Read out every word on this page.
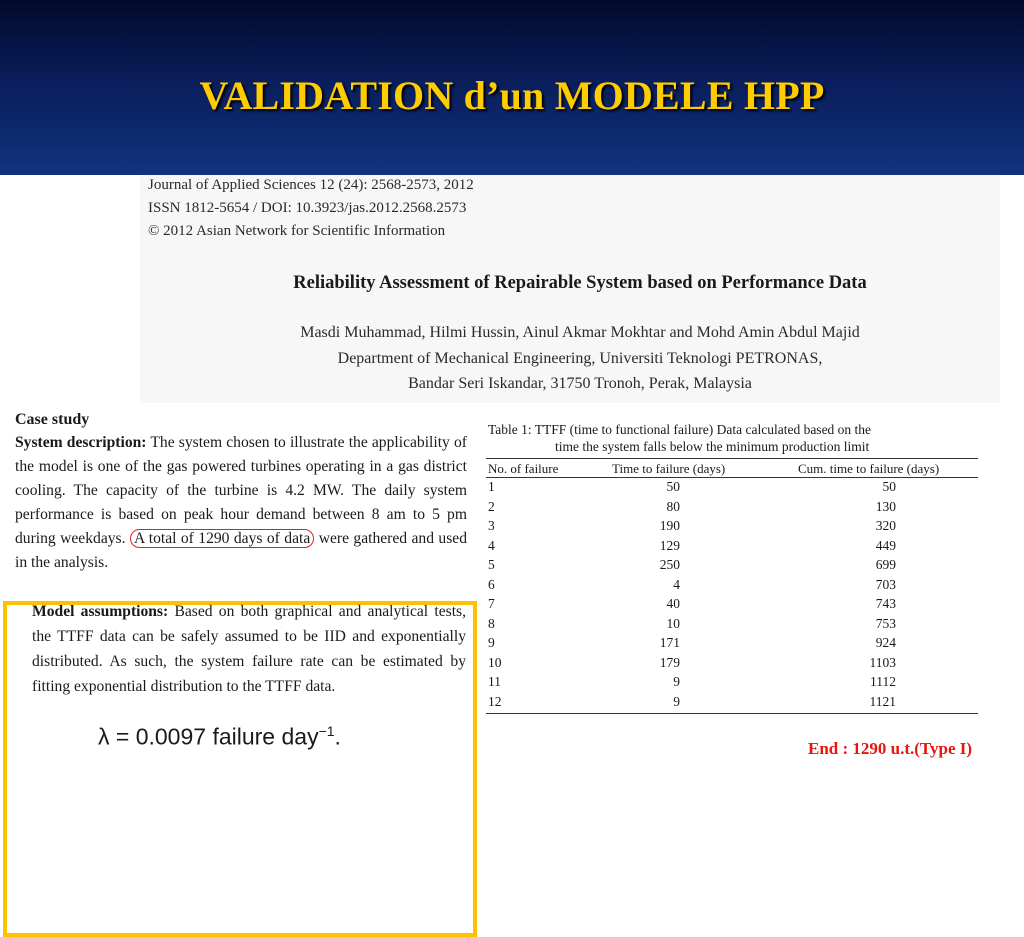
VALIDATION d’un MODELE HPP
Journal of Applied Sciences 12 (24): 2568-2573, 2012
ISSN 1812-5654 / DOI: 10.3923/jas.2012.2568.2573
© 2012 Asian Network for Scientific Information
Reliability Assessment of Repairable System based on Performance Data
Masdi Muhammad, Hilmi Hussin, Ainul Akmar Mokhtar and Mohd Amin Abdul Majid
Department of Mechanical Engineering, Universiti Teknologi PETRONAS,
Bandar Seri Iskandar, 31750 Tronoh, Perak, Malaysia
Case study
System description: The system chosen to illustrate the applicability of the model is one of the gas powered turbines operating in a gas district cooling. The capacity of the turbine is 4.2 MW. The daily system performance is based on peak hour demand between 8 am to 5 pm during weekdays. A total of 1290 days of data were gathered and used in the analysis.
Model assumptions: Based on both graphical and analytical tests, the TTFF data can be safely assumed to be IID and exponentially distributed. As such, the system failure rate can be estimated by fitting exponential distribution to the TTFF data.
λ = 0.0097 failure day$^{-1}$.
Table 1: TTFF (time to functional failure) Data calculated based on the
time the system falls below the minimum production limit
No. of failure	Time to failure (days)	Cum. time to failure (days)
1	50	50
2	80	130
3	190	320
4	129	449
5	250	699
6	4	703
7	40	743
8	10	753
9	171	924
10	179	1103
11	9	1112
12	9	1121
End : 1290 u.t.(Type I)
